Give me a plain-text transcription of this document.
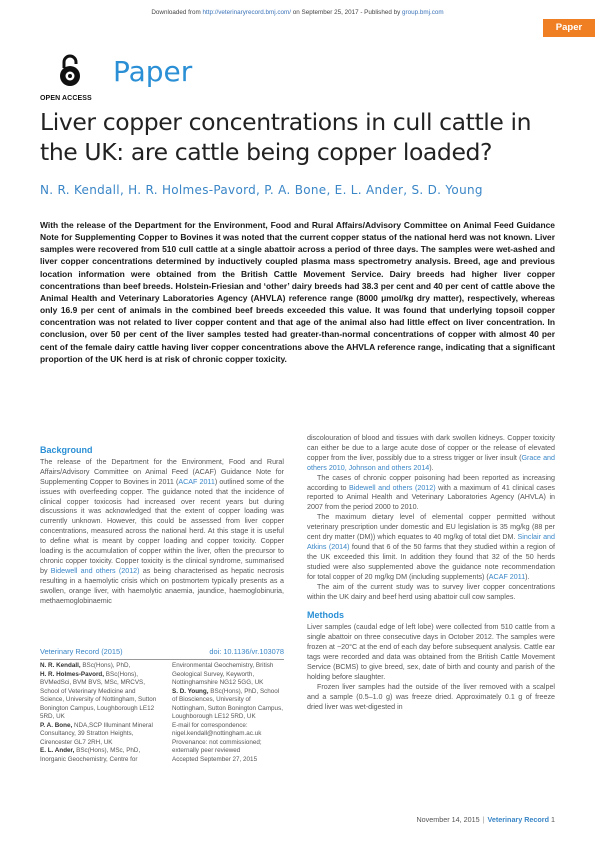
Downloaded from http://veterinaryrecord.bmj.com/ on September 25, 2017 - Published by group.bmj.com
Paper
OPEN ACCESS
Paper
Liver copper concentrations in cull cattle in the UK: are cattle being copper loaded?
N. R. Kendall, H. R. Holmes-Pavord, P. A. Bone, E. L. Ander, S. D. Young
With the release of the Department for the Environment, Food and Rural Affairs/Advisory Committee on Animal Feed Guidance Note for Supplementing Copper to Bovines it was noted that the current copper status of the national herd was not known. Liver samples were recovered from 510 cull cattle at a single abattoir across a period of three days. The samples were wet-ashed and liver copper concentrations determined by inductively coupled plasma mass spectrometry analysis. Breed, age and previous location information were obtained from the British Cattle Movement Service. Dairy breeds had higher liver copper concentrations than beef breeds. Holstein-Friesian and ‘other’ dairy breeds had 38.3 per cent and 40 per cent of cattle above the Animal Health and Veterinary Laboratories Agency (AHVLA) reference range (8000 μmol/kg dry matter), respectively, whereas only 16.9 per cent of animals in the combined beef breeds exceeded this value. It was found that underlying topsoil copper concentration was not related to liver copper content and that age of the animal also had little effect on liver concentration. In conclusion, over 50 per cent of the liver samples tested had greater-than-normal concentrations of copper with almost 40 per cent of the female dairy cattle having liver copper concentrations above the AHVLA reference range, indicating that a significant proportion of the UK herd is at risk of chronic copper toxicity.
Background

The release of the Department for the Environment, Food and Rural Affairs/Advisory Committee on Animal Feed (ACAF) Guidance Note for Supplementing Copper to Bovines in 2011 (ACAF 2011) outlined some of the issues with overfeeding copper. The guidance noted that the incidence of clinical copper toxicosis had increased over recent years but during discussions it was acknowledged that the extent of copper loading was currently unknown. However, this could be assessed from liver copper concentrations, measured across the national herd. At this stage it is useful to define what is meant by copper loading and copper toxicity. Copper loading is the accumulation of copper within the liver, often the precursor to chronic copper toxicity. Copper toxicity is the clinical syndrome, summarised by Bidewell and others (2012) as being characterised as hepatic necrosis resulting in a haemolytic crisis which on postmortem typically presents as a swollen, orange liver, with haemolytic anaemia, jaundice, haemoglobinuria, methaemoglobinaemic

Veterinary Record (2015)	doi: 10.1136/vr.103078

N. R. Kendall, BSc(Hons), PhD,

H. R. Holmes-Pavord, BSc(Hons), BVMedSci, BVM BVS, MSc, MRCVS, School of Veterinary Medicine and Science, University of Nottingham, Sutton Bonington Campus, Loughborough LE12 5RD, UK

P. A. Bone, NDA,SCP Illuminant Mineral Consultancy, 39 Stratton Heights, Cirencester GL7 2RH, UK

E. L. Ander, BSc(Hons), MSc, PhD, Inorganic Geochemistry, Centre for

Environmental Geochemistry, British Geological Survey, Keyworth, Nottinghamshire NG12 5GG, UK

S. D. Young, BSc(Hons), PhD, School of Biosciences, University of Nottingham, Sutton Bonington Campus, Loughborough LE12 5RD, UK

E-mail for correspondence:

nigel.kendall@nottingham.ac.uk

Provenance: not commissioned; externally peer reviewed

Accepted September 27, 2015

discolouration of blood and tissues with dark swollen kidneys. Copper toxicity can either be due to a large acute dose of copper or the release of elevated copper from the liver, possibly due to a stress trigger or liver insult (Grace and others 2010, Johnson and others 2014).

The cases of chronic copper poisoning had been reported as increasing according to Bidewell and others (2012) with a maximum of 41 clinical cases reported to Animal Health and Veterinary Laboratories Agency (AHVLA) in 2007 from the period 2000 to 2010.

The maximum dietary level of elemental copper permitted without veterinary prescription under domestic and EU legislation is 35 mg/kg (88 per cent dry matter (DM)) which equates to 40 mg/kg of total diet DM. Sinclair and Atkins (2014) found that 6 of the 50 farms that they studied within a region of the UK exceeded this limit. In addition they found that 32 of the 50 herds studied were also supplemented above the guidance note recommendation for total copper of 20 mg/kg DM (including supplements) (ACAF 2011).

The aim of the current study was to survey liver copper concentrations within the UK dairy and beef herd using abattoir cull cow samples.

Methods

Liver samples (caudal edge of left lobe) were collected from 510 cattle from a single abattoir on three consecutive days in October 2012. The samples were frozen at −20°C at the end of each day before subsequent analysis. Cattle ear tags were recorded and data was obtained from the British Cattle Movement Service (BCMS) to give breed, sex, date of birth and county and parish of the holding before slaughter.

Frozen liver samples had the outside of the liver removed with a scalpel and a sample (0.5–1.0 g) was freeze dried. Approximately 0.1 g of freeze dried liver was wet-digested in

November 14, 2015 | Veterinary Record 1
